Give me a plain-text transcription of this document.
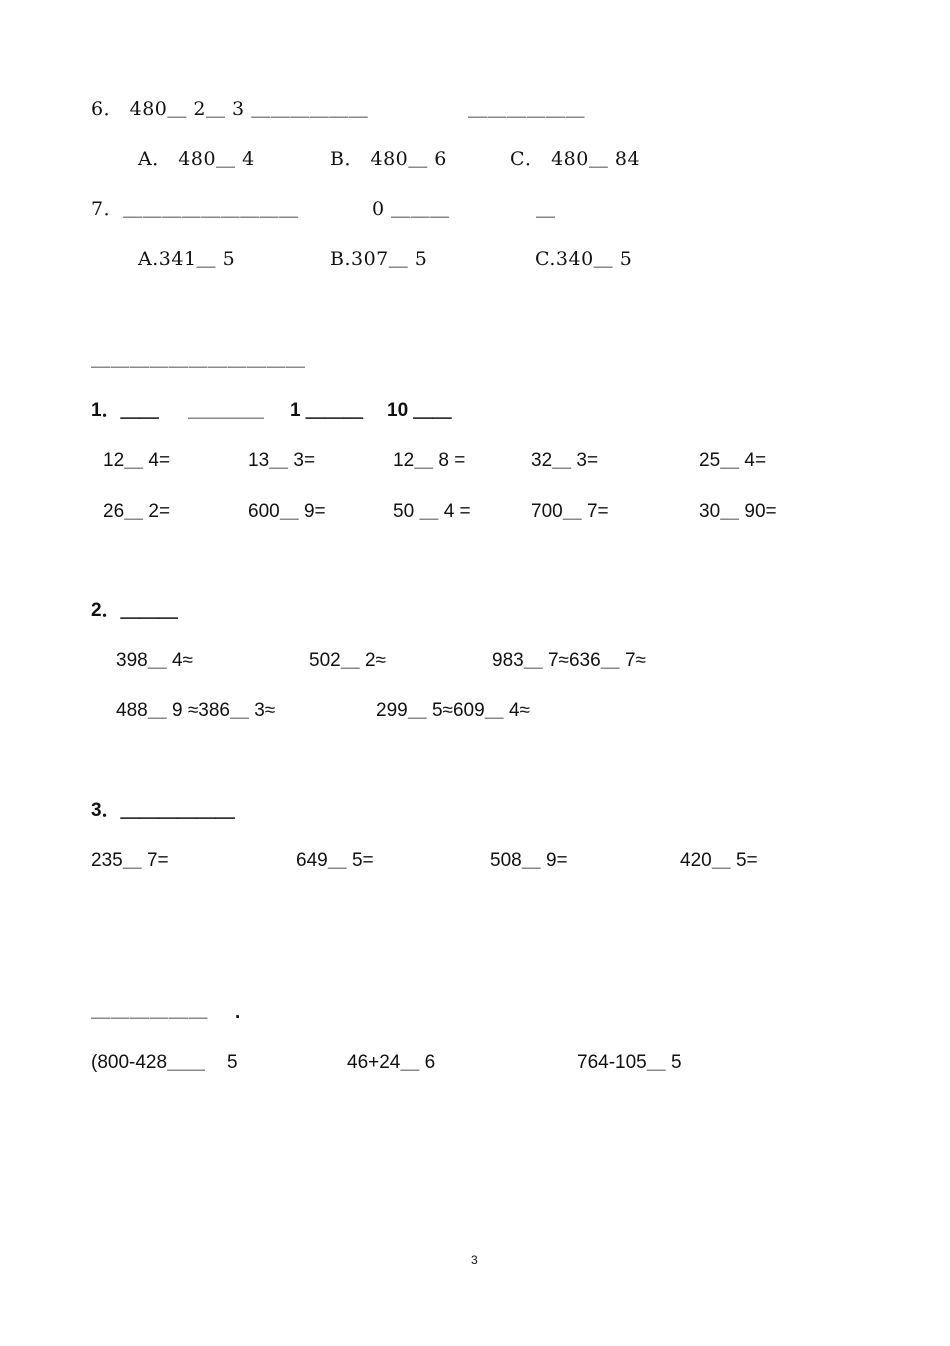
6． 480＿ 2＿ 3 ＿＿＿＿＿＿	＿＿＿＿＿＿
A． 480＿ 4	B． 480＿ 6	C． 480＿ 84
7．＿＿＿＿＿＿＿＿＿	0 ＿＿＿	＿
A.341＿ 5	B.307＿ 5	C.340＿ 5
＿＿＿＿＿＿＿＿＿＿＿
1．＿＿ ＿＿＿＿ 1 ＿＿＿ 10 ＿＿
12＿ 4=	13＿ 3=	12＿ 8 =	32＿ 3=	25＿ 4=
26＿ 2=	600＿ 9=	50 ＿ 4 =	700＿ 7=	30＿ 90=
2．＿＿＿
398＿ 4≈	502＿ 2≈	983＿ 7≈636＿ 7≈
488＿ 9 ≈386＿ 3≈	299＿ 5≈609＿ 4≈
3．＿＿＿＿＿＿
235＿ 7=	649＿ 5=	508＿ 9=	420＿ 5=
＿＿＿＿＿＿ .
(800-428＿＿ 5	46+24＿ 6	764-105＿ 5
3
